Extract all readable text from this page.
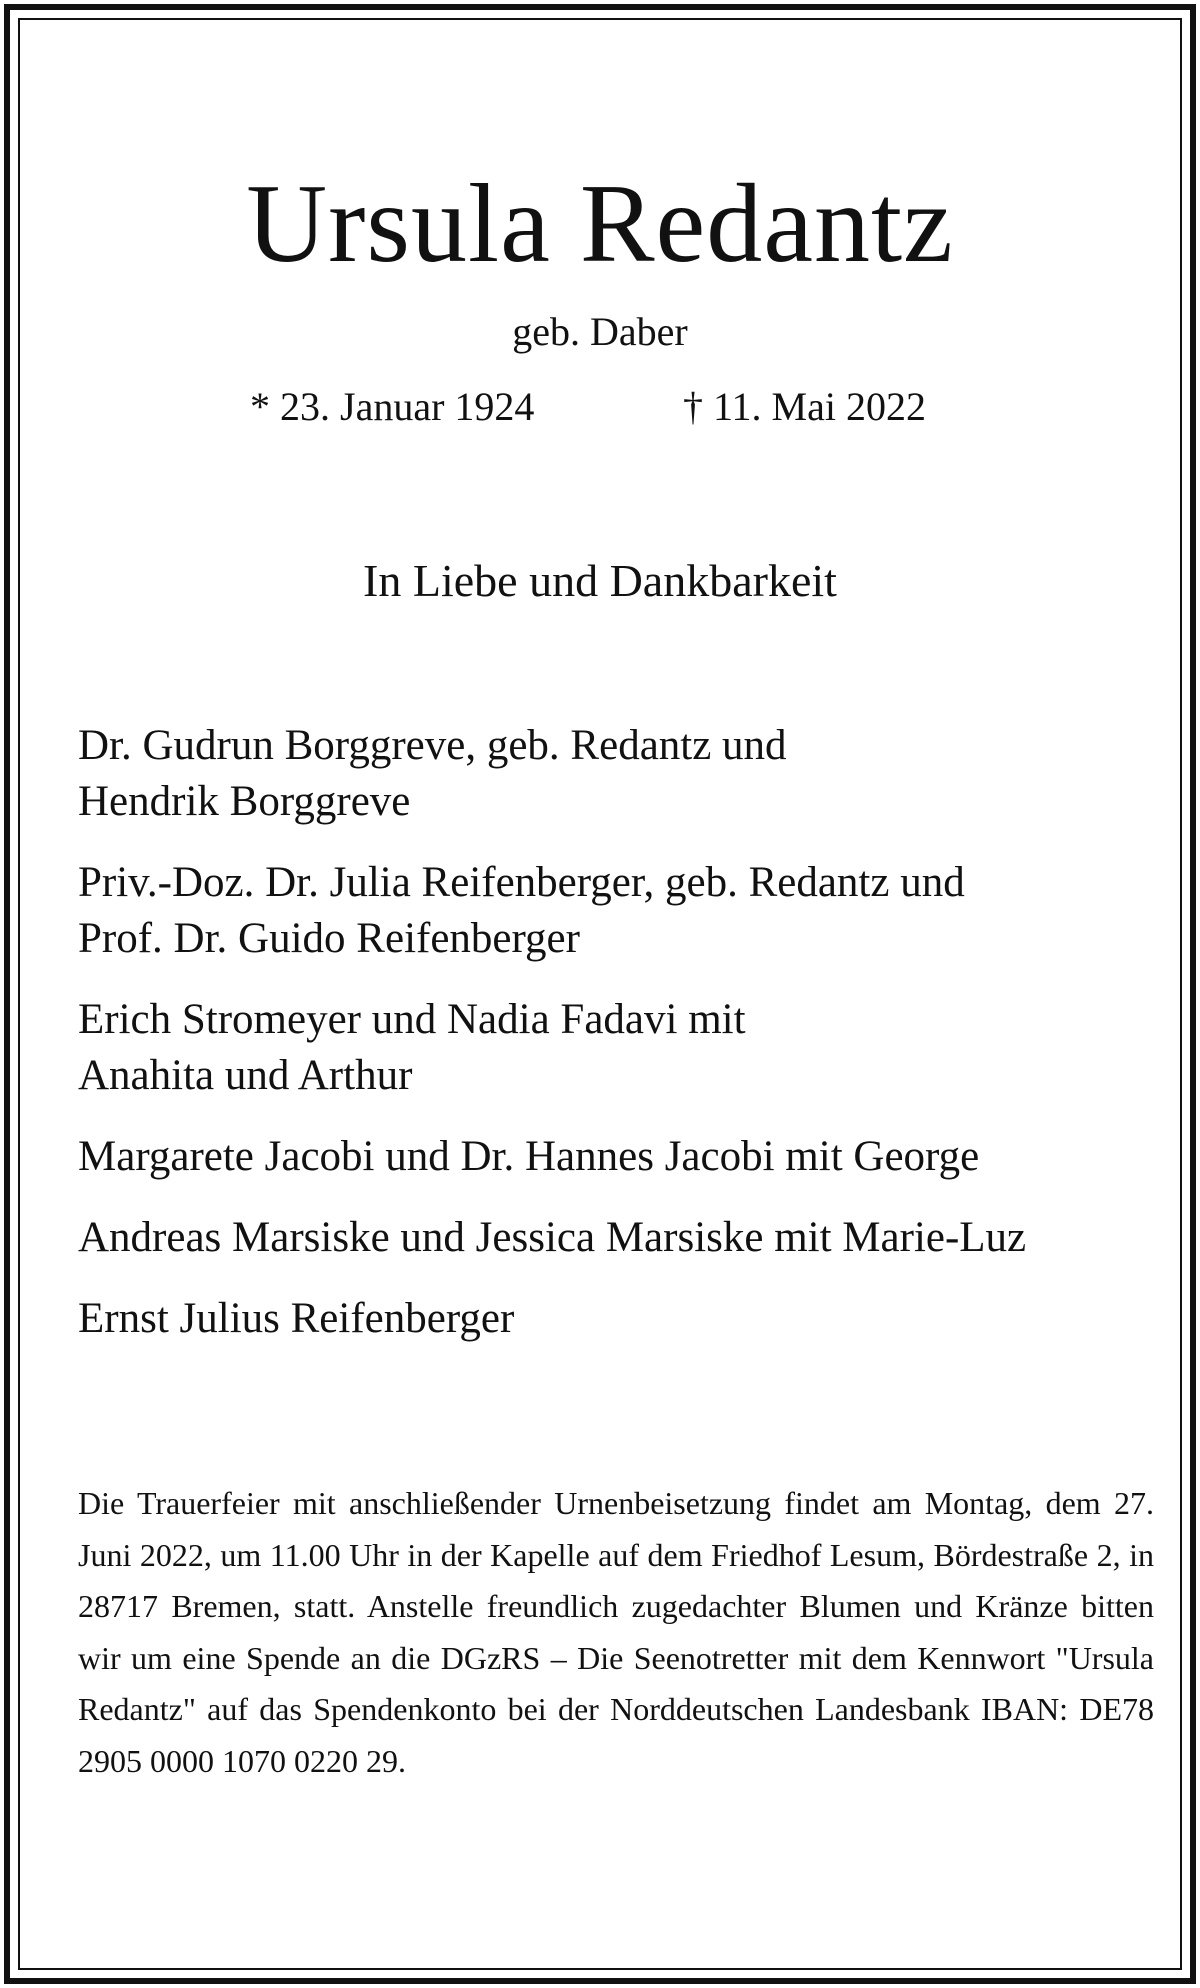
Ursula Redantz
geb. Daber
* 23. Januar 1924	† 11. Mai 2022
In Liebe und Dankbarkeit
Dr. Gudrun Borggreve, geb. Redantz und
Hendrik Borggreve
Priv.-Doz. Dr. Julia Reifenberger, geb. Redantz und
Prof. Dr. Guido Reifenberger
Erich Stromeyer und Nadia Fadavi mit
Anahita und Arthur
Margarete Jacobi und Dr. Hannes Jacobi mit George
Andreas Marsiske und Jessica Marsiske mit Marie-Luz
Ernst Julius Reifenberger
Die Trauerfeier mit anschließender Urnenbeisetzung findet am Montag, dem 27. Juni 2022, um 11.00 Uhr in der Kapelle auf dem Friedhof Lesum, Bördestraße 2, in 28717 Bremen, statt. Anstelle freundlich zugedachter Blumen und Kränze bitten wir um eine Spende an die DGzRS – Die Seenotretter mit dem Kennwort "Ursula Redantz" auf das Spendenkonto bei der Norddeutschen Landesbank IBAN: DE78 2905 0000 1070 0220 29.
